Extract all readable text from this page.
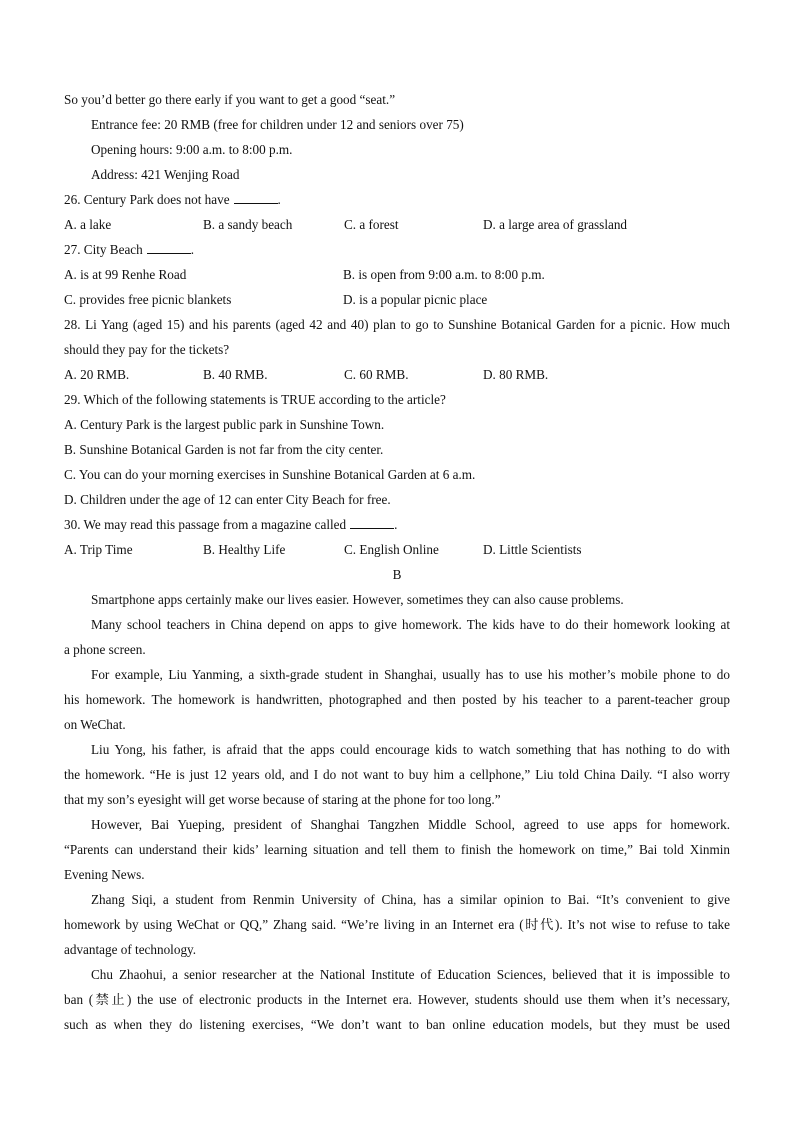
So you’d better go there early if you want to get a good “seat.”
Entrance fee: 20 RMB (free for children under 12 and seniors over 75)
Opening hours: 9:00 a.m. to 8:00 p.m.
Address: 421 Wenjing Road
26. Century Park does not have	.
A. a lake	B. a sandy beach	C. a forest	D. a large area of grassland
27. City Beach	.
A. is at 99 Renhe Road	B. is open from 9:00 a.m. to 8:00 p.m.
C. provides free picnic blankets	D. is a popular picnic place
28. Li Yang (aged 15) and his parents (aged 42 and 40) plan to go to Sunshine Botanical Garden for a picnic. How much
should they pay for the tickets?
A. 20 RMB.	B. 40 RMB.	C. 60 RMB.	D. 80 RMB.
29. Which of the following statements is TRUE according to the article?
A. Century Park is the largest public park in Sunshine Town.
B. Sunshine Botanical Garden is not far from the city center.
C. You can do your morning exercises in Sunshine Botanical Garden at 6 a.m.
D. Children under the age of 12 can enter City Beach for free.
30. We may read this passage from a magazine called	.
A. Trip Time	B. Healthy Life	C. English Online	D. Little Scientists
B
Smartphone apps certainly make our lives easier. However, sometimes they can also cause problems.
Many school teachers in China depend on apps to give homework. The kids have to do their homework looking at
a phone screen.
For example, Liu Yanming, a sixth-grade student in Shanghai, usually has to use his mother’s mobile phone to do
his homework. The homework is handwritten, photographed and then posted by his teacher to a parent-teacher group
on WeChat.
Liu Yong, his father, is afraid that the apps could encourage kids to watch something that has nothing to do with
the homework. “He is just 12 years old, and I do not want to buy him a cellphone,” Liu told China Daily. “I also worry
that my son’s eyesight will get worse because of staring at the phone for too long.”
However, Bai Yueping, president of Shanghai Tangzhen Middle School, agreed to use apps for homework.
“Parents can understand their kids’ learning situation and tell them to finish the homework on time,” Bai told Xinmin
Evening News.
Zhang Siqi, a student from Renmin University of China, has a similar opinion to Bai. “It’s convenient to give
homework by using WeChat or QQ,” Zhang said. “We’re living in an Internet era (时代). It’s not wise to refuse to take
advantage of technology.
Chu Zhaohui, a senior researcher at the National Institute of Education Sciences, believed that it is impossible to
ban (禁止) the use of electronic products in the Internet era. However, students should use them when it’s necessary,
such as when they do listening exercises, “We don’t want to ban online education models, but they must be used
